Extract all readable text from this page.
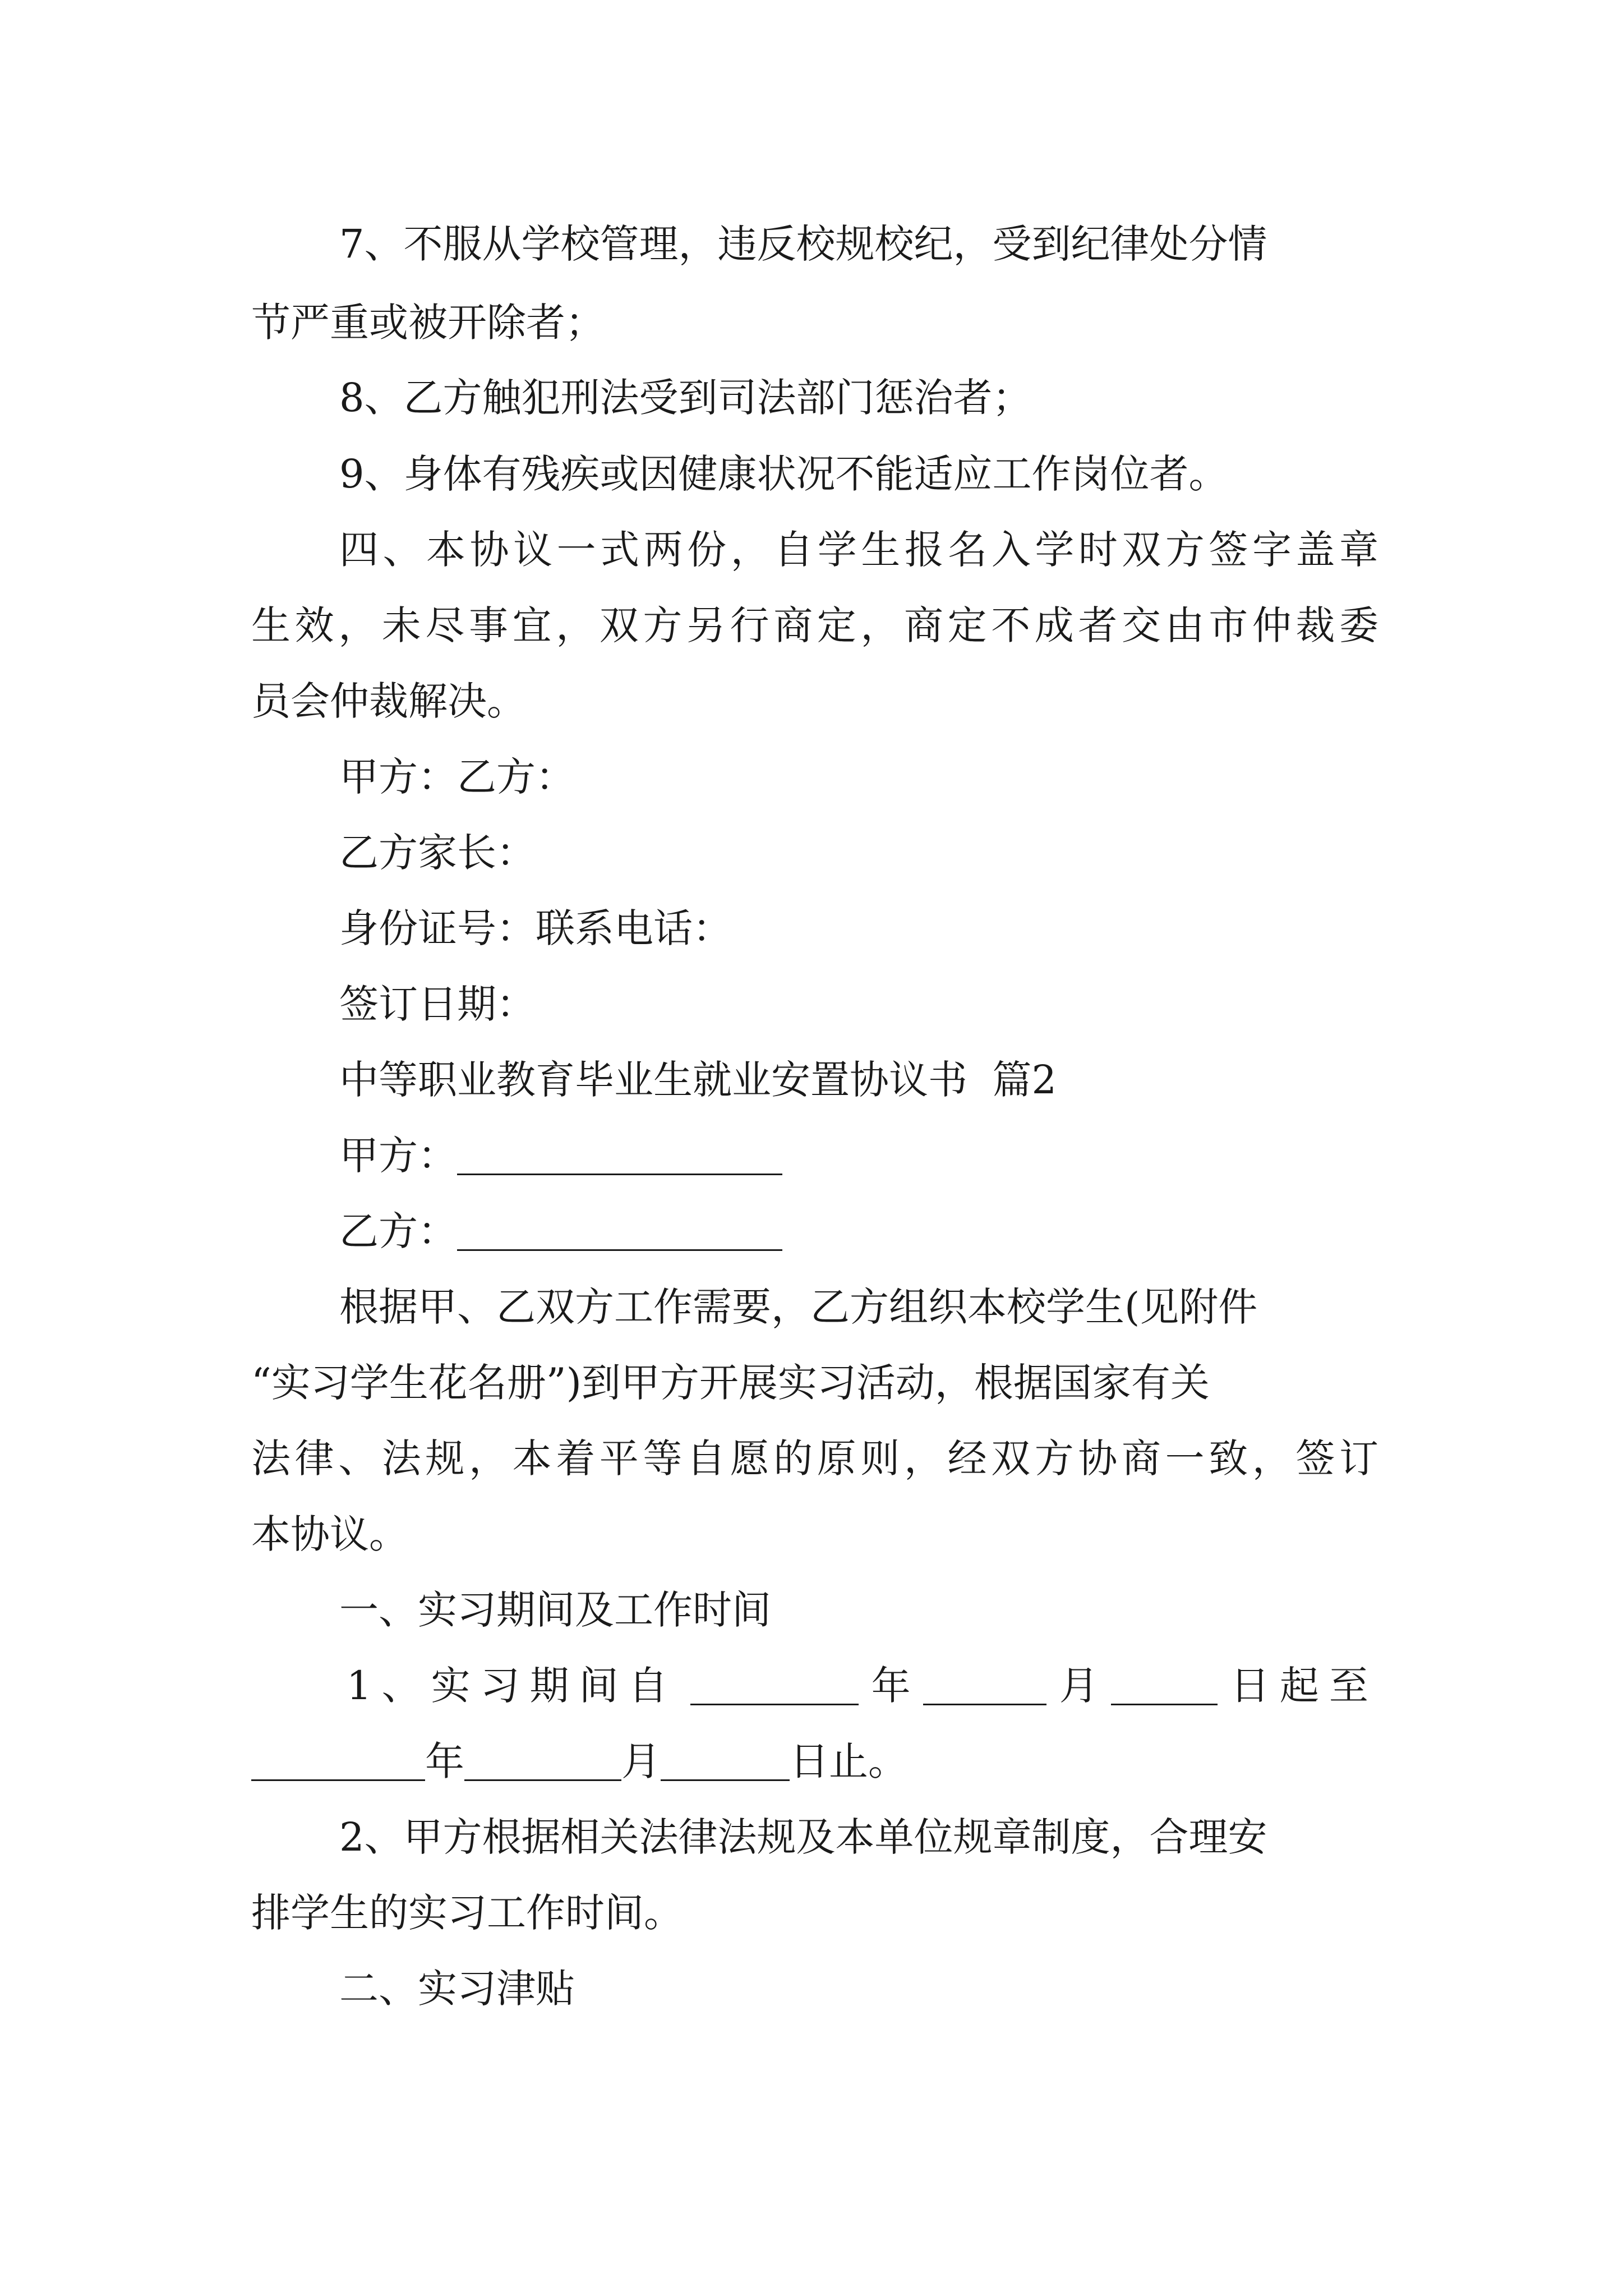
7、不服从学校管理，违反校规校纪，受到纪律处分情
节严重或被开除者；
8、乙方触犯刑法受到司法部门惩治者；
9、身体有残疾或因健康状况不能适应工作岗位者。
四、本协议一式两份，自学生报名入学时双方签字盖章
生效，未尽事宜，双方另行商定，商定不成者交由市仲裁委
员会仲裁解决。
甲方：乙方：
乙方家长：
身份证号：联系电话：
签订日期：
中等职业教育毕业生就业安置协议书  篇2
甲方：
乙方：
根据甲、乙双方工作需要，乙方组织本校学生(见附件
“实习学生花名册”)到甲方开展实习活动，根据国家有关
法律、法规，本着平等自愿的原则，经双方协商一致，签订
本协议。
一、实习期间及工作时间
1、实习期间自	年	月	日起至
年	月	日止。
2、甲方根据相关法律法规及本单位规章制度，合理安
排学生的实习工作时间。
二、实习津贴
